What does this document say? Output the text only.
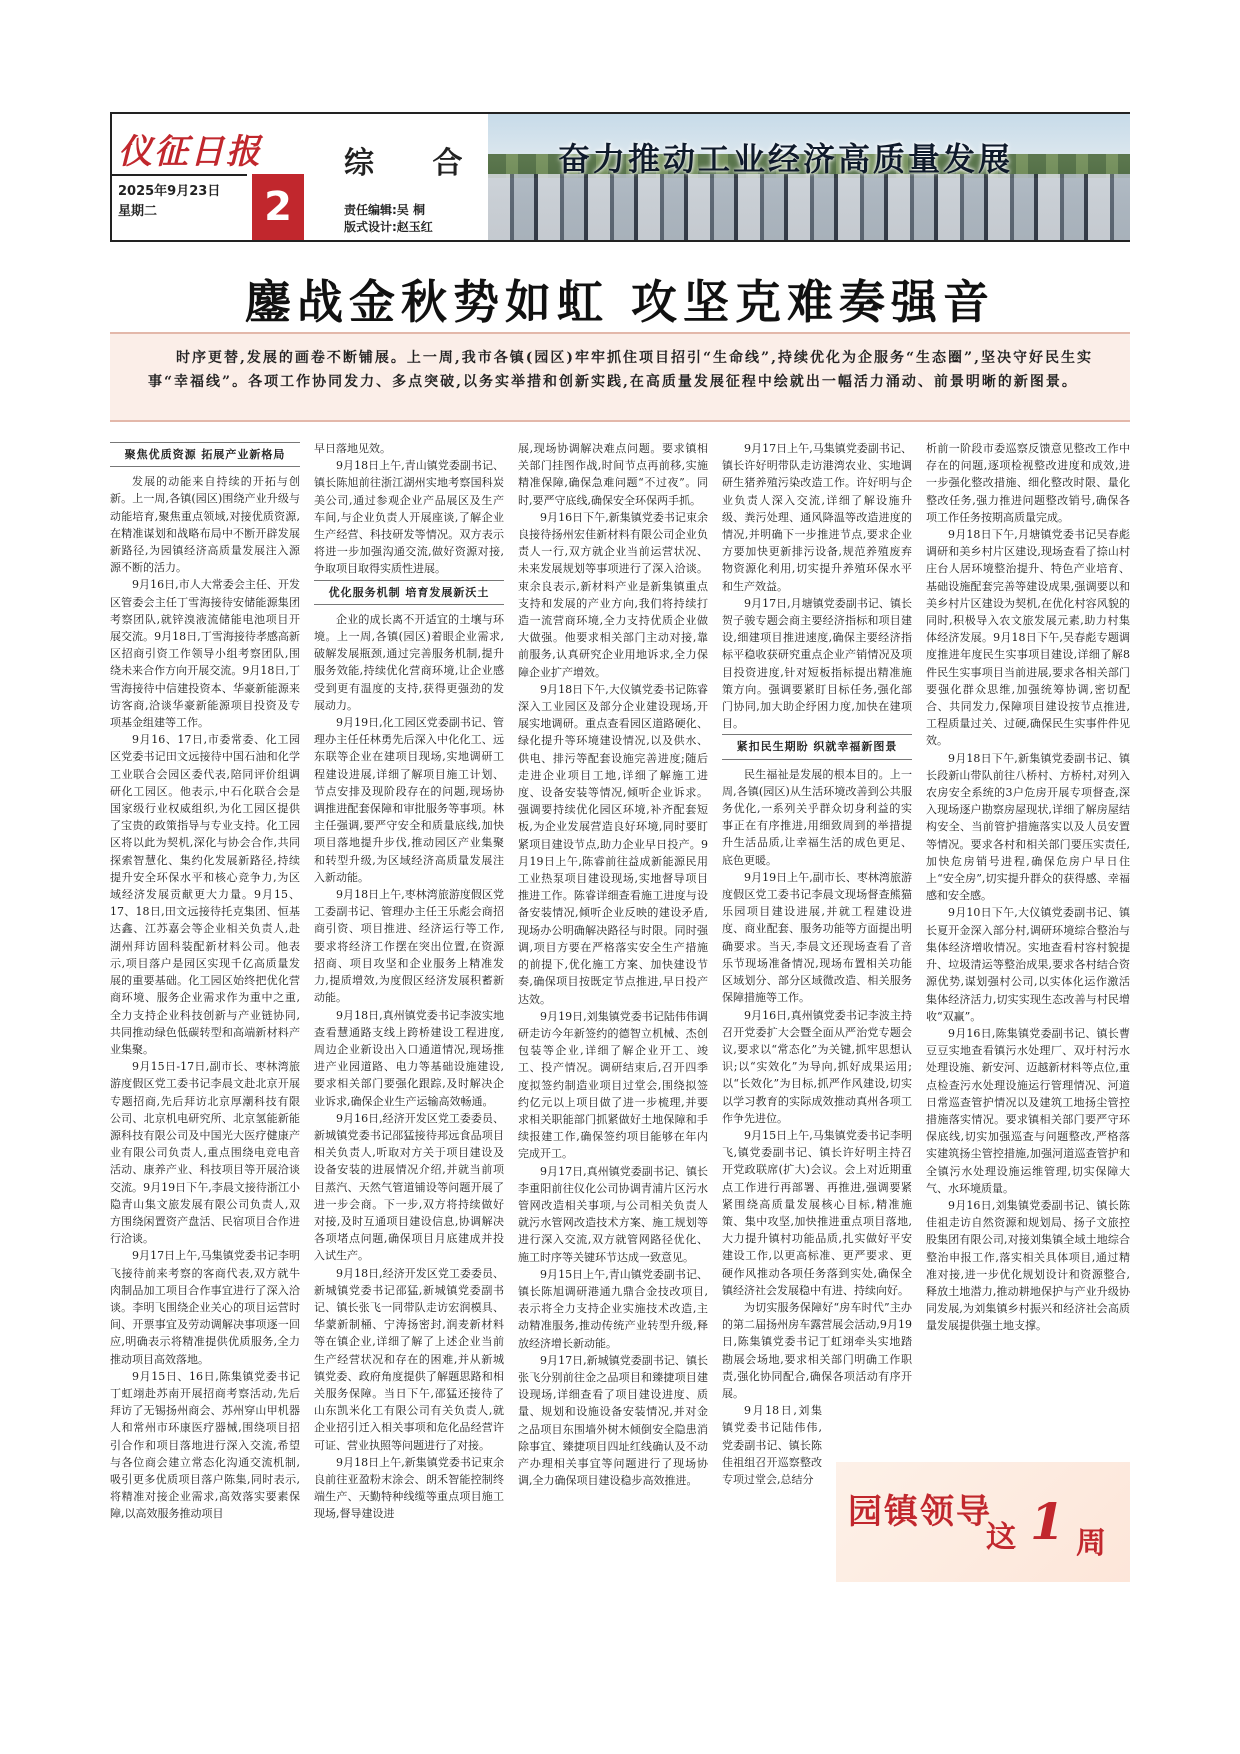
仪征日报
2025年9月23日
星期二	2
综 合
责任编辑:吴 桐
版式设计:赵玉红
奋力推动工业经济高质量发展
鏖战金秋势如虹 攻坚克难奏强音
时序更替,发展的画卷不断铺展。上一周,我市各镇(园区)牢牢抓住项目招引“生命线”,持续优化为企服务“生态圈”,坚决守好民生实事“幸福线”。各项工作协同发力、多点突破,以务实举措和创新实践,在高质量发展征程中绘就出一幅活力涌动、前景明晰的新图景。
聚焦优质资源 拓展产业新格局

发展的动能来自持续的开拓与创新。上一周,各镇(园区)围绕产业升级与动能培育,聚焦重点领域,对接优质资源,在精准谋划和战略布局中不断开辟发展新路径,为园镇经济高质量发展注入源源不断的活力。

9月16日,市人大常委会主任、开发区管委会主任丁雪海接待安储能源集团考察团队,就锌溴液流储能电池项目开展交流。9月18日,丁雪海接待孝感高新区招商引资工作领导小组考察团队,围绕未来合作方向开展交流。9月18日,丁雪海接待中信建投资本、华豪新能源来访客商,洽谈华豪新能源项目投资及专项基金组建等工作。

9月16、17日,市委常委、化工园区党委书记田文远接待中国石油和化学工业联合会园区委代表,陪同评价组调研化工园区。他表示,中石化联合会是国家级行业权威组织,为化工园区提供了宝贵的政策指导与专业支持。化工园区将以此为契机,深化与协会合作,共同探索智慧化、集约化发展新路径,持续提升安全环保水平和核心竞争力,为区域经济发展贡献更大力量。9月15、17、18日,田文远接待托克集团、恒基达鑫、江苏嘉会等企业相关负责人,赴湖州拜访固科装配新材料公司。他表示,项目落户是园区实现千亿高质量发展的重要基础。化工园区始终把优化营商环境、服务企业需求作为重中之重,全力支持企业科技创新与产业链协同,共同推动绿色低碳转型和高端新材料产业集聚。

9月15日-17日,副市长、枣林湾旅游度假区党工委书记李晨文赴北京开展专题招商,先后拜访北京厚潮科技有限公司、北京机电研究所、北京氢能新能源科技有限公司及中国光大医疗健康产业有限公司负责人,重点围绕电竞电音活动、康养产业、科技项目等开展洽谈交流。9月19日下午,李晨文接待浙江小隐青山集文旅发展有限公司负责人,双方围绕闲置资产盘活、民宿项目合作进行洽谈。

9月17日上午,马集镇党委书记李明飞接待前来考察的客商代表,双方就牛肉制品加工项目合作事宜进行了深入洽谈。李明飞围绕企业关心的项目运营时间、开票事宜及劳动调解决事项逐一回应,明确表示将精准提供优质服务,全力推动项目高效落地。

9月15日、16日,陈集镇党委书记丁虹翊赴苏南开展招商考察活动,先后拜访了无锡扬州商会、苏州穿山甲机器人和常州市环康医疗器械,围绕项目招引合作和项目落地进行深入交流,希望与各位商会建立常态化沟通交流机制,吸引更多优质项目落户陈集,同时表示,将精准对接企业需求,高效落实要素保障,以高效服务推动项目

早日落地见效。

9月18日上午,青山镇党委副书记、镇长陈旭前往浙江湖州实地考察国科炭美公司,通过参观企业产品展区及生产车间,与企业负责人开展座谈,了解企业生产经营、科技研发等情况。双方表示将进一步加强沟通交流,做好资源对接,争取项目取得实质性进展。

优化服务机制 培育发展新沃土

企业的成长离不开适宜的土壤与环境。上一周,各镇(园区)着眼企业需求,破解发展瓶颈,通过完善服务机制,提升服务效能,持续优化营商环境,让企业感受到更有温度的支持,获得更强劲的发展动力。

9月19日,化工园区党委副书记、管理办主任任林勇先后深入中化化工、远东联等企业在建项目现场,实地调研工程建设进展,详细了解项目施工计划、节点安排及现阶段存在的问题,现场协调推进配套保障和审批服务等事项。林主任强调,要严守安全和质量底线,加快项目落地提升步伐,推动园区产业集聚和转型升级,为区域经济高质量发展注入新动能。

9月18日上午,枣林湾旅游度假区党工委副书记、管理办主任王乐彪会商招商引资、项目推进、经济运行等工作,要求将经济工作摆在突出位置,在资源招商、项目攻坚和企业服务上精准发力,提质增效,为度假区经济发展积蓄新动能。

9月18日,真州镇党委书记李波实地查看慧通路支线上跨桥建设工程进度,周边企业新设出入口通道情况,现场推进产业园道路、电力等基础设施建设,要求相关部门要强化跟踪,及时解决企业诉求,确保企业生产运输高效畅通。

9月16日,经济开发区党工委委员、新城镇党委书记邵猛接待邦远食品项目相关负责人,听取对方关于项目建设及设备安装的进展情况介绍,并就当前项目蒸汽、天然气管道铺设等问题开展了进一步会商。下一步,双方将持续做好对接,及时互通项目建设信息,协调解决各项堵点问题,确保项目月底建成并投入试生产。

9月18日,经济开发区党工委委员、新城镇党委书记邵猛,新城镇党委副书记、镇长张飞一同带队走访宏润模具、华蒙新制桶、宁涛扬密封,润麦新材料等在镇企业,详细了解了上述企业当前生产经营状况和存在的困难,并从新城镇党委、政府角度提供了解题思路和相关服务保障。当日下午,邵猛还接待了山东凯米化工有限公司有关负责人,就企业招引迁入相关事项和危化品经营许可证、营业执照等问题进行了对接。

9月18日上午,新集镇党委书记束余良前往亚盈粉末涂会、朗禾智能控制终端生产、天勤特种线缆等重点项目施工现场,督导建设进

展,现场协调解决难点问题。要求镇相关部门挂图作战,时间节点再前移,实施精准保障,确保急难问题“不过夜”。同时,要严守底线,确保安全环保两手抓。

9月16日下午,新集镇党委书记束余良接待扬州宏佳新材料有限公司企业负责人一行,双方就企业当前运营状况、未来发展规划等事项进行了深入洽谈。束余良表示,新材料产业是新集镇重点支持和发展的产业方向,我们将持续打造一流营商环境,全力支持优质企业做大做强。他要求相关部门主动对接,靠前服务,认真研究企业用地诉求,全力保障企业扩产增效。

9月18日下午,大仪镇党委书记陈睿深入工业园区及部分企业建设现场,开展实地调研。重点查看园区道路硬化、绿化提升等环境建设情况,以及供水、供电、排污等配套设施完善进度;随后走进企业项目工地,详细了解施工进度、设备安装等情况,倾听企业诉求。强调要持续优化园区环境,补齐配套短板,为企业发展营造良好环境,同时要盯紧项目建设节点,助力企业早日投产。9月19日上午,陈睿前往益成新能源民用工业热泵项目建设现场,实地督导项目推进工作。陈睿详细查看施工进度与设备安装情况,倾听企业反映的建设矛盾,现场办公明确解决路径与时限。同时强调,项目方要在严格落实安全生产措施的前提下,优化施工方案、加快建设节奏,确保项目按既定节点推进,早日投产达效。

9月19日,刘集镇党委书记陆伟伟调研走访今年新签约的德智立机械、杰创包装等企业,详细了解企业开工、竣工、投产情况。调研结束后,召开四季度拟签约制造业项目过堂会,围绕拟签约亿元以上项目做了进一步梳理,并要求相关职能部门抓紧做好土地保障和手续报建工作,确保签约项目能够在年内完成开工。

9月17日,真州镇党委副书记、镇长李重阳前往仪化公司协调青浦片区污水管网改造相关事项,与公司相关负责人就污水管网改造技术方案、施工规划等进行深入交流,双方就管网路径优化、施工时序等关键环节达成一致意见。

9月15日上午,青山镇党委副书记、镇长陈旭调研港通九鼎合金技改项目,表示将全力支持企业实施技术改造,主动精准服务,推动传统产业转型升级,释放经济增长新动能。

9月17日,新城镇党委副书记、镇长张飞分别前往金之品项目和臻捷项目建设现场,详细查看了项目建设进度、质量、规划和设施设备安装情况,并对金之品项目东围墙外树木倾倒安全隐患消除事宜、臻捷项目四址红线确认及不动产办理相关事宜等问题进行了现场协调,全力确保项目建设稳步高效推进。

9月17日上午,马集镇党委副书记、镇长许好明带队走访港湾农业、实地调研生猪养殖污染改造工作。许好明与企业负责人深入交流,详细了解设施升级、粪污处理、通风降温等改造进度的情况,并明确下一步推进节点,要求企业方要加快更新排污设备,规范养殖废弃物资源化利用,切实提升养殖环保水平和生产效益。

9月17日,月塘镇党委副书记、镇长贺子骏专题会商主要经济指标和项目建设,细建项目推进速度,确保主要经济指标平稳收获研究重点企业产销情况及项目投资进度,针对短板指标提出精准施策方向。强调要紧盯目标任务,强化部门协同,加大助企纾困力度,加快在建项目。

紧扣民生期盼 织就幸福新图景

民生福祉是发展的根本目的。上一周,各镇(园区)从生活环境改善到公共服务优化,一系列关乎群众切身利益的实事正在有序推进,用细致周到的举措提升生活品质,让幸福生活的成色更足、底色更暖。

9月19日上午,副市长、枣林湾旅游度假区党工委书记李晨文现场督查熊猫乐园项目建设进展,并就工程建设进度、商业配套、服务功能等方面提出明确要求。当天,李晨文还现场查看了音乐节现场准备情况,现场布置相关功能区域划分、部分区域微改造、相关服务保障措施等工作。

9月16日,真州镇党委书记李波主持召开党委扩大会暨全面从严治党专题会议,要求以“常态化”为关键,抓牢思想认识;以“实效化”为导向,抓好成果运用;以“长效化”为目标,抓严作风建设,切实以学习教育的实际成效推动真州各项工作争先进位。

9月15日上午,马集镇党委书记李明飞,镇党委副书记、镇长许好明主持召开党政联席(扩大)会议。会上对近期重点工作进行再部署、再推进,强调要紧紧围绕高质量发展核心目标,精准施策、集中攻坚,加快推进重点项目落地,大力提升镇村功能品质,扎实做好平安建设工作,以更高标准、更严要求、更硬作风推动各项任务落到实处,确保全镇经济社会发展稳中有进、持续向好。

为切实服务保障好“房车时代”主办的第二届扬州房车露营展会活动,9月19日,陈集镇党委书记丁虹翊牵头实地踏勘展会场地,要求相关部门明确工作职责,强化协同配合,确保各项活动有序开展。

9月18日,刘集镇党委书记陆伟伟,党委副书记、镇长陈佳祖组召开巡察整改专项过堂会,总结分

析前一阶段市委巡察反馈意见整改工作中存在的问题,逐项检视整改进度和成效,进一步强化整改措施、细化整改时限、量化整改任务,强力推进问题整改销号,确保各项工作任务按期高质量完成。

9月18日下午,月塘镇党委书记吴春彪调研和美乡村片区建设,现场查看了捺山村庄台人居环境整治提升、特色产业培育、基础设施配套完善等建设成果,强调要以和美乡村片区建设为契机,在优化村容风貌的同时,积极导入农文旅发展元素,助力村集体经济发展。9月18日下午,吴春彪专题调度推进年度民生实事项目建设,详细了解8件民生实事项目当前进展,要求各相关部门要强化群众思维,加强统筹协调,密切配合、共同发力,保障项目建设按节点推进,工程质量过关、过硬,确保民生实事件件见效。

9月18日下午,新集镇党委副书记、镇长段新山带队前往八桥村、方桥村,对列入农房安全系统的3户危房开展专项督查,深入现场逐户勘察房屋现状,详细了解房屋结构安全、当前管护措施落实以及人员安置等情况。要求各村和相关部门要压实责任,加快危房销号进程,确保危房户早日住上“安全房”,切实提升群众的获得感、幸福感和安全感。

9月10日下午,大仪镇党委副书记、镇长夏开金深入部分村,调研环境综合整治与集体经济增收情况。实地查看村容村貌提升、垃圾清运等整治成果,要求各村结合资源优势,谋划强村公司,以实体化运作激活集体经济活力,切实实现生态改善与村民增收“双赢”。

9月16日,陈集镇党委副书记、镇长曹豆豆实地查看镇污水处理厂、双圩村污水处理设施、新安河、迈越新材料等点位,重点检查污水处理设施运行管理情况、河道日常巡查管护情况以及建筑工地扬尘管控措施落实情况。要求镇相关部门要严守环保底线,切实加强巡查与问题整改,严格落实建筑扬尘管控措施,加强河道巡查管护和全镇污水处理设施运维管理,切实保障大气、水环境质量。

9月16日,刘集镇党委副书记、镇长陈佳祖走访自然资源和规划局、扬子文旅控股集团有限公司,对接刘集镇全域土地综合整治申报工作,落实相关具体项目,通过精准对接,进一步优化规划设计和资源整合,释放土地潜力,推动耕地保护与产业升级协同发展,为刘集镇乡村振兴和经济社会高质量发展提供强土地支撑。

园镇领导
这 1 周
